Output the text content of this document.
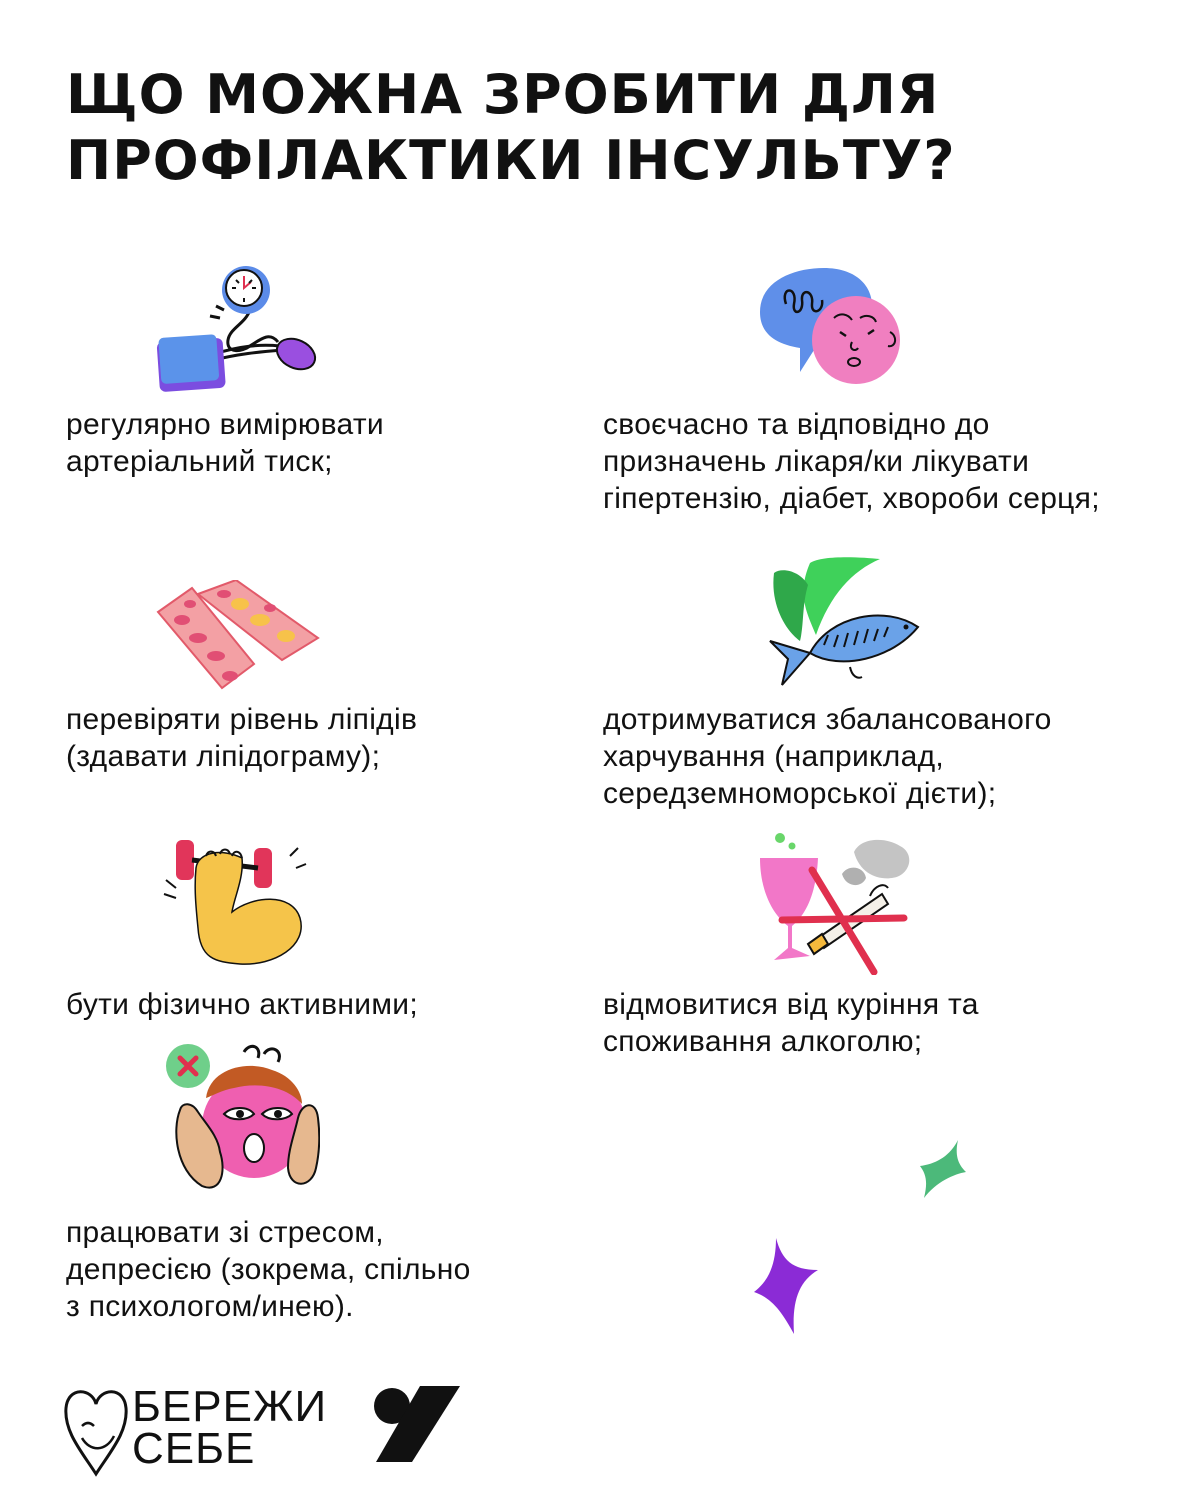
ЩО МОЖНА ЗРОБИТИ ДЛЯ
ПРОФІЛАКТИКИ ІНСУЛЬТУ?

регулярно вимірювати
артеріальний тиск;

своєчасно та відповідно до
призначень лікаря/ки лікувати
гіпертензію, діабет, хвороби серця;

перевіряти рівень ліпідів
(здавати ліпідограму);

дотримуватися збалансованого
харчування (наприклад,
середземноморської дієти);

бути фізично активними;	відмовитися від куріння та
споживання алкоголю;

працювати зі стресом,
депресією (зокрема, спільно
з психологом/инею).

БЕРЕЖИ
СЕБЕ
